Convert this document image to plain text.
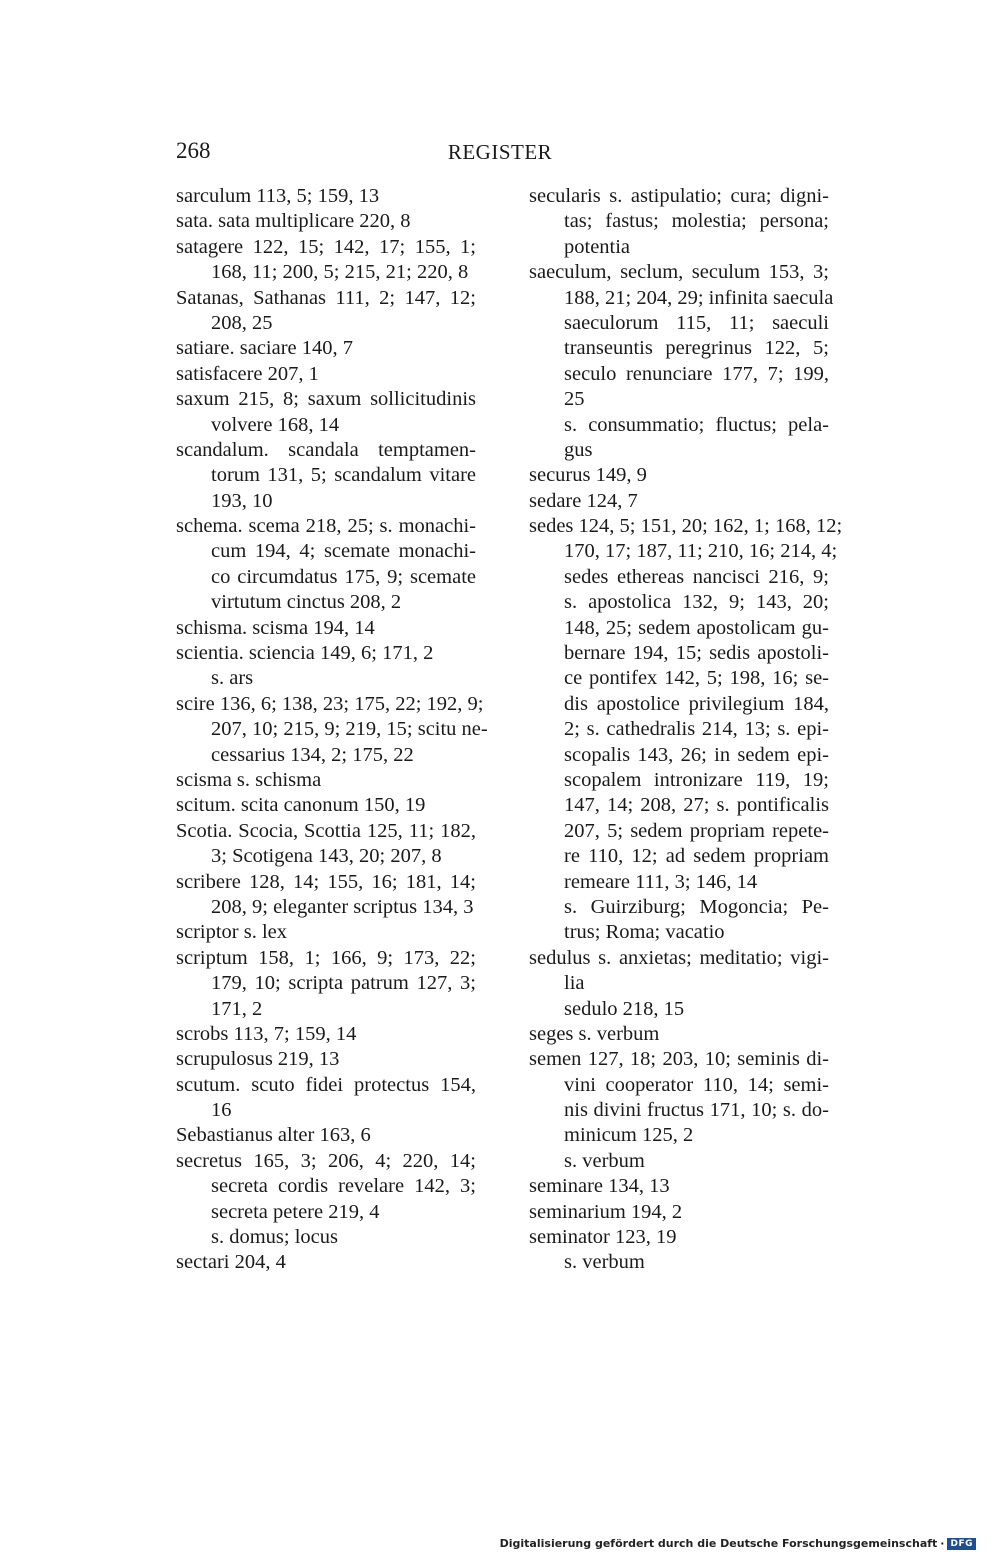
268	REGISTER
sarculum 113, 5; 159, 13
sata. sata multiplicare 220, 8
satagere 122, 15; 142, 17; 155, 1;
168, 11; 200, 5; 215, 21; 220, 8
Satanas, Sathanas 111, 2; 147, 12;
208, 25
satiare. saciare 140, 7
satisfacere 207, 1
saxum 215, 8; saxum sollicitudinis
volvere 168, 14
scandalum. scandala temptamen-
torum 131, 5; scandalum vitare
193, 10
schema. scema 218, 25; s. monachi-
cum 194, 4; scemate monachi-
co circumdatus 175, 9; scemate
virtutum cinctus 208, 2
schisma. scisma 194, 14
scientia. sciencia 149, 6; 171, 2
s. ars
scire 136, 6; 138, 23; 175, 22; 192, 9;
207, 10; 215, 9; 219, 15; scitu ne-
cessarius 134, 2; 175, 22
scisma s. schisma
scitum. scita canonum 150, 19
Scotia. Scocia, Scottia 125, 11; 182,
3; Scotigena 143, 20; 207, 8
scribere 128, 14; 155, 16; 181, 14;
208, 9; eleganter scriptus 134, 3
scriptor s. lex
scriptum 158, 1; 166, 9; 173, 22;
179, 10; scripta patrum 127, 3;
171, 2
scrobs 113, 7; 159, 14
scrupulosus 219, 13
scutum. scuto fidei protectus 154,
16
Sebastianus alter 163, 6
secretus 165, 3; 206, 4; 220, 14;
secreta cordis revelare 142, 3;
secreta petere 219, 4
s. domus; locus
sectari 204, 4
secularis s. astipulatio; cura; digni-
tas; fastus; molestia; persona;
potentia
saeculum, seclum, seculum 153, 3;
188, 21; 204, 29; infinita saecula
saeculorum 115, 11; saeculi
transeuntis peregrinus 122, 5;
seculo renunciare 177, 7; 199,
25
s. consummatio; fluctus; pela-
gus
securus 149, 9
sedare 124, 7
sedes 124, 5; 151, 20; 162, 1; 168, 12;
170, 17; 187, 11; 210, 16; 214, 4;
sedes ethereas nancisci 216, 9;
s. apostolica 132, 9; 143, 20;
148, 25; sedem apostolicam gu-
bernare 194, 15; sedis apostoli-
ce pontifex 142, 5; 198, 16; se-
dis apostolice privilegium 184,
2; s. cathedralis 214, 13; s. epi-
scopalis 143, 26; in sedem epi-
scopalem intronizare 119, 19;
147, 14; 208, 27; s. pontificalis
207, 5; sedem propriam repete-
re 110, 12; ad sedem propriam
remeare 111, 3; 146, 14
s. Guirziburg; Mogoncia; Pe-
trus; Roma; vacatio
sedulus s. anxietas; meditatio; vigi-
lia
sedulo 218, 15
seges s. verbum
semen 127, 18; 203, 10; seminis di-
vini cooperator 110, 14; semi-
nis divini fructus 171, 10; s. do-
minicum 125, 2
s. verbum
seminare 134, 13
seminarium 194, 2
seminator 123, 19
s. verbum
Digitalisierung gefördert durch die Deutsche Forschungsgemeinschaft · DFG
